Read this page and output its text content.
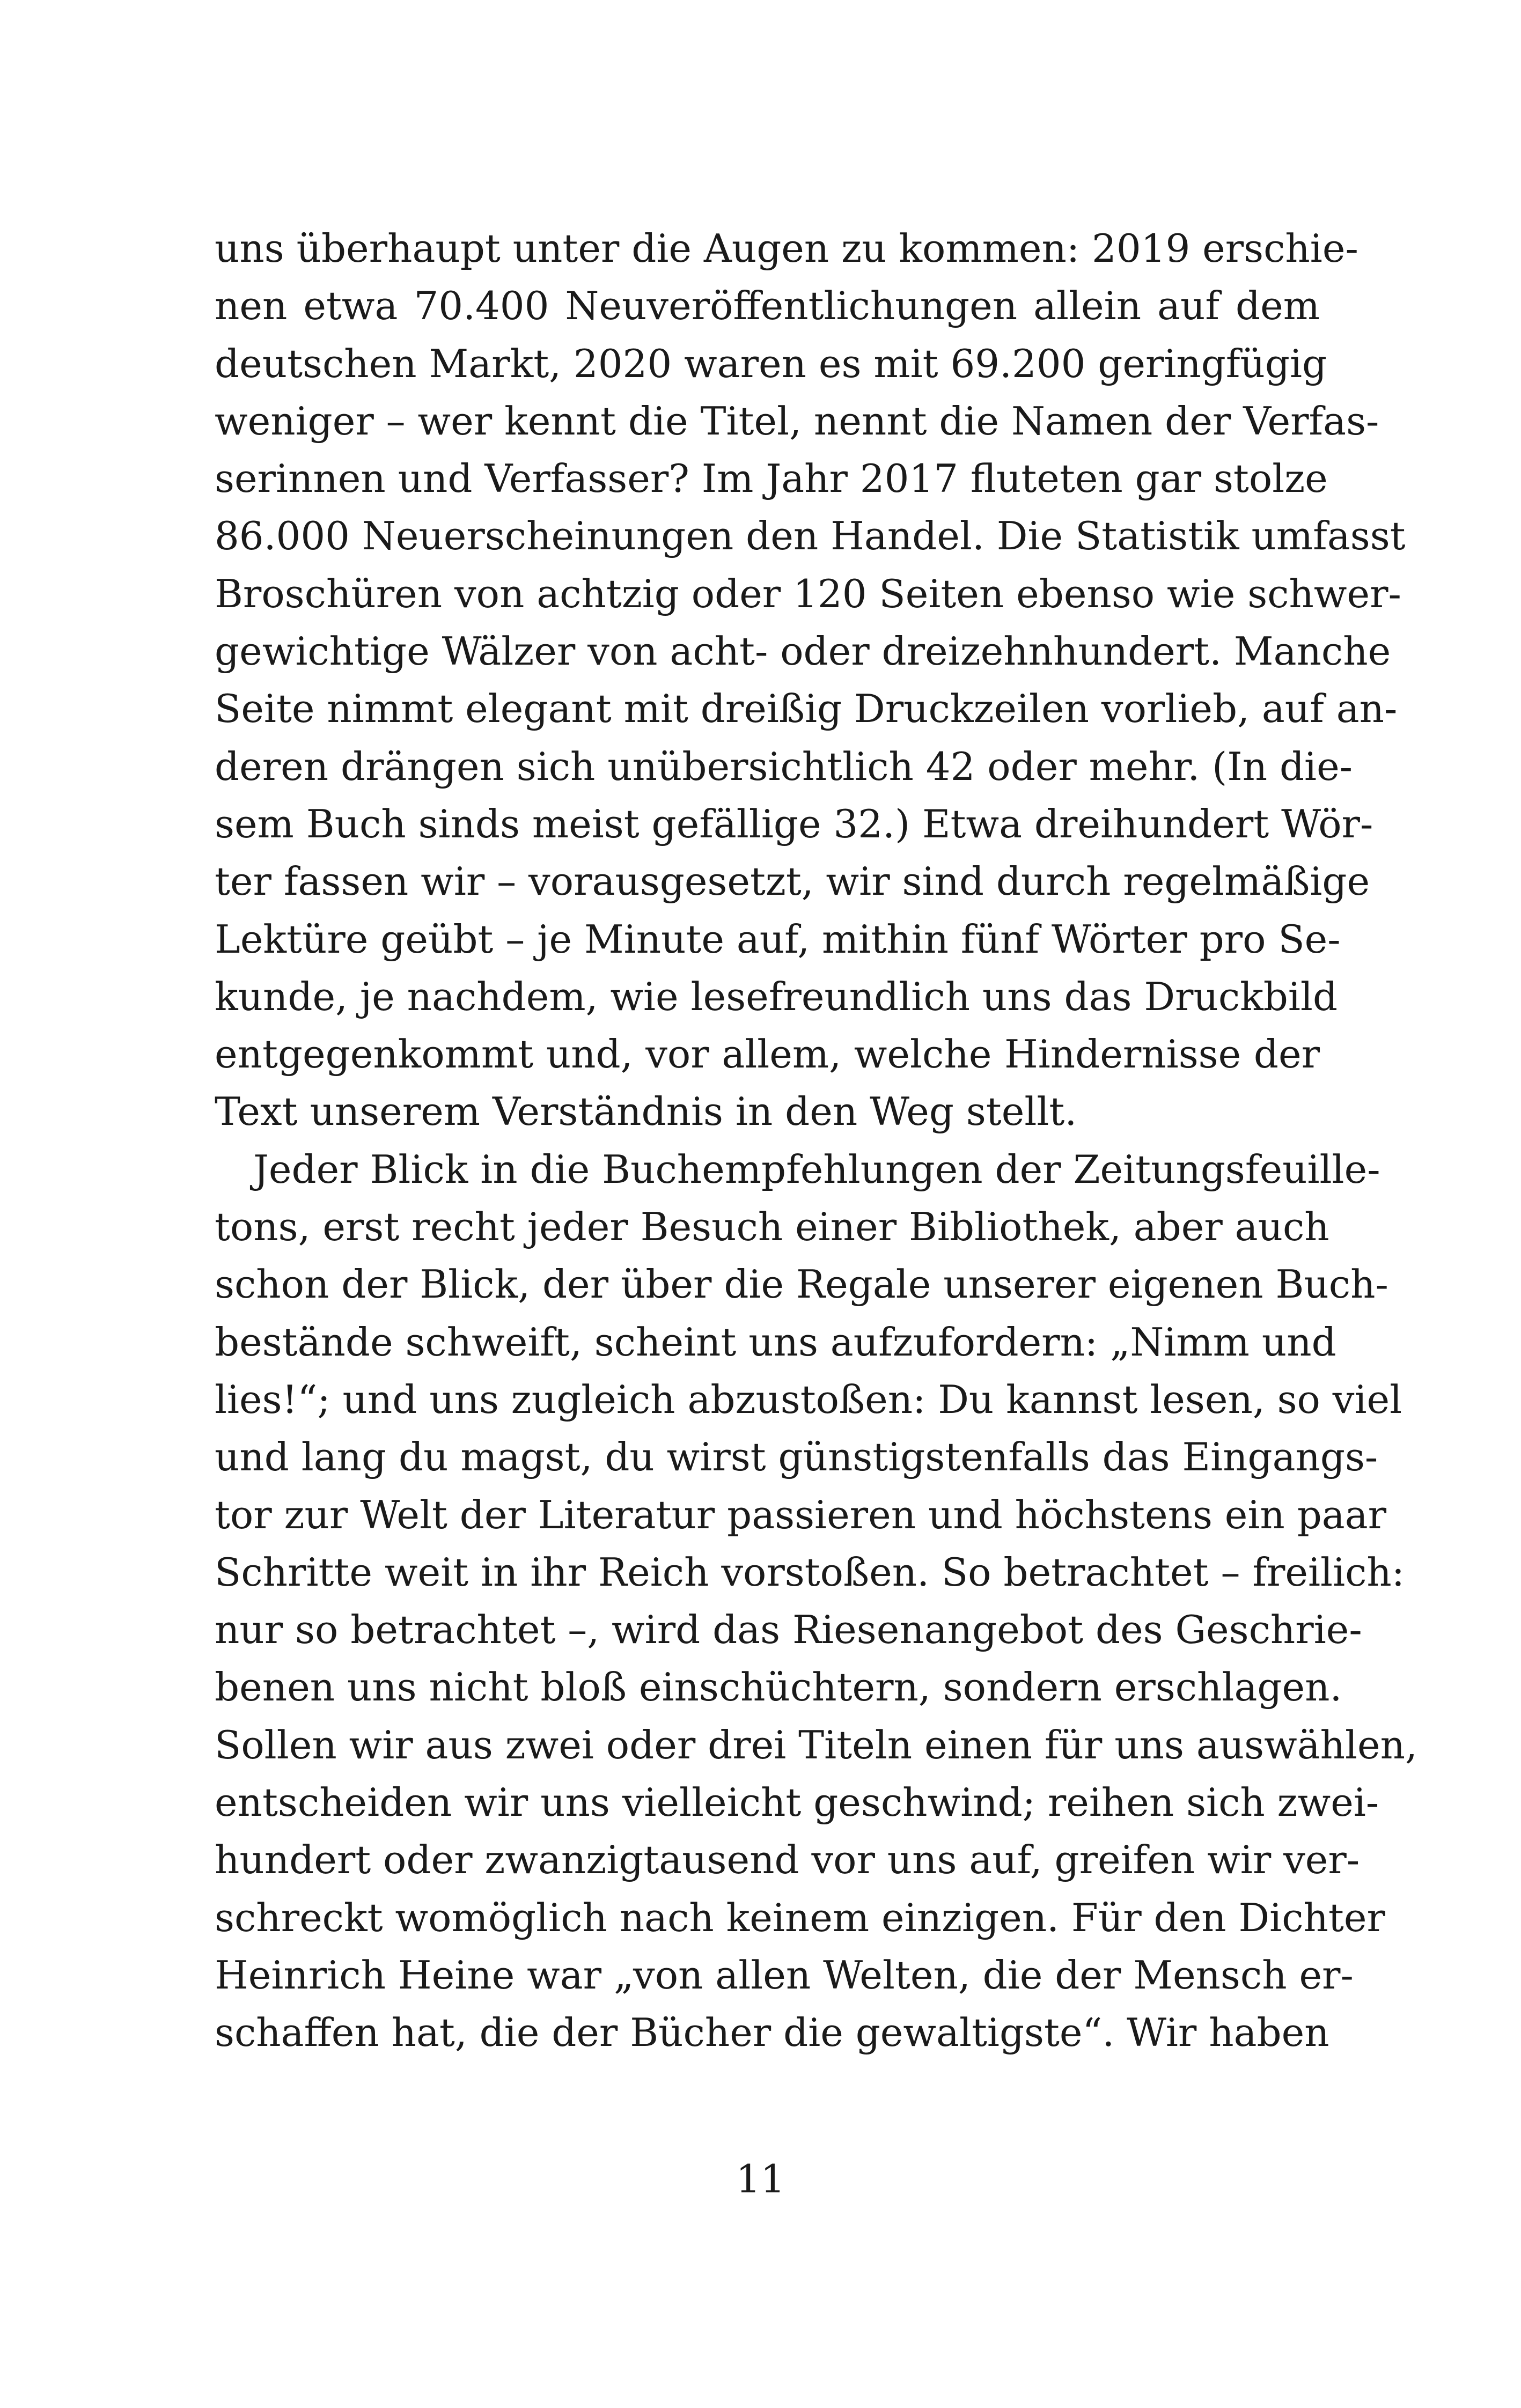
uns überhaupt unter die Augen zu kommen: 2019 erschie-
nen etwa 70.400 Neuveröffentlichungen allein auf dem
deutschen Markt, 2020 waren es mit 69.200 geringfügig
weniger – wer kennt die Titel, nennt die Namen der Verfas-
serinnen und Verfasser? Im Jahr 2017 fluteten gar stolze
86.000 Neuerscheinungen den Handel. Die Statistik umfasst
Broschüren von achtzig oder 120 Seiten ebenso wie schwer-
gewichtige Wälzer von acht- oder dreizehnhundert. Manche
Seite nimmt elegant mit dreißig Druckzeilen vorlieb, auf an-
deren drängen sich unübersichtlich 42 oder mehr. (In die-
sem Buch sinds meist gefällige 32.) Etwa dreihundert Wör-
ter fassen wir – vorausgesetzt, wir sind durch regelmäßige
Lektüre geübt – je Minute auf, mithin fünf Wörter pro Se-
kunde, je nachdem, wie lesefreundlich uns das Druckbild
entgegenkommt und, vor allem, welche Hindernisse der
Text unserem Verständnis in den Weg stellt.
Jeder Blick in die Buchempfehlungen der Zeitungsfeuille-
tons, erst recht jeder Besuch einer Bibliothek, aber auch
schon der Blick, der über die Regale unserer eigenen Buch-
bestände schweift, scheint uns aufzufordern: „Nimm und
lies!“; und uns zugleich abzustoßen: Du kannst lesen, so viel
und lang du magst, du wirst günstigstenfalls das Eingangs-
tor zur Welt der Literatur passieren und höchstens ein paar
Schritte weit in ihr Reich vorstoßen. So betrachtet – freilich:
nur so betrachtet –, wird das Riesenangebot des Geschrie-
benen uns nicht bloß einschüchtern, sondern erschlagen.
Sollen wir aus zwei oder drei Titeln einen für uns auswählen,
entscheiden wir uns vielleicht geschwind; reihen sich zwei-
hundert oder zwanzigtausend vor uns auf, greifen wir ver-
schreckt womöglich nach keinem einzigen. Für den Dichter
Heinrich Heine war „von allen Welten, die der Mensch er-
schaffen hat, die der Bücher die gewaltigste“. Wir haben
11
